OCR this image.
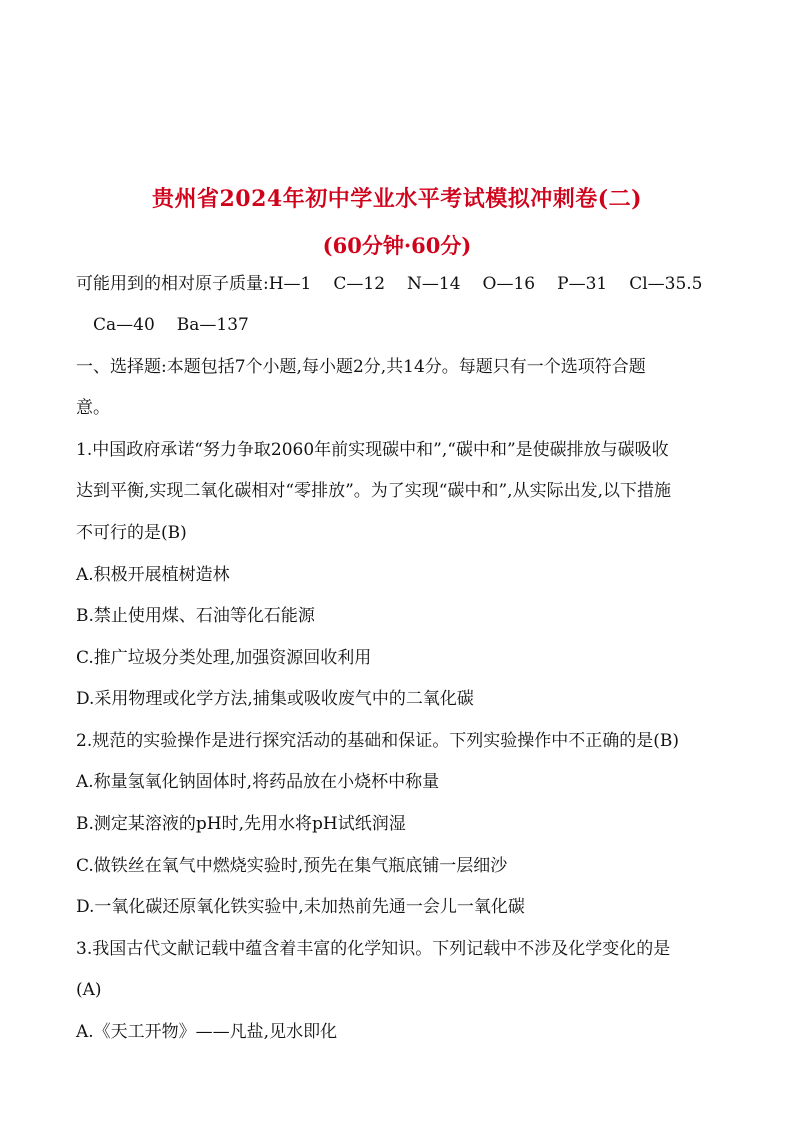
贵州省2024年初中学业水平考试模拟冲刺卷(二)
(60分钟·60分)
可能用到的相对原子质量:H—1 C—12 N—14 O—16 P—31 Cl—35.5
Ca—40 Ba—137
一、选择题:本题包括7个小题,每小题2分,共14分。每题只有一个选项符合题
意。
1.中国政府承诺“努力争取2060年前实现碳中和”,“碳中和”是使碳排放与碳吸收
达到平衡,实现二氧化碳相对“零排放”。为了实现“碳中和”,从实际出发,以下措施
不可行的是(B)
A.积极开展植树造林
B.禁止使用煤、石油等化石能源
C.推广垃圾分类处理,加强资源回收利用
D.采用物理或化学方法,捕集或吸收废气中的二氧化碳
2.规范的实验操作是进行探究活动的基础和保证。下列实验操作中不正确的是(B)
A.称量氢氧化钠固体时,将药品放在小烧杯中称量
B.测定某溶液的pH时,先用水将pH试纸润湿
C.做铁丝在氧气中燃烧实验时,预先在集气瓶底铺一层细沙
D.一氧化碳还原氧化铁实验中,未加热前先通一会儿一氧化碳
3.我国古代文献记载中蕴含着丰富的化学知识。下列记载中不涉及化学变化的是
(A)
A.《天工开物》——凡盐,见水即化
